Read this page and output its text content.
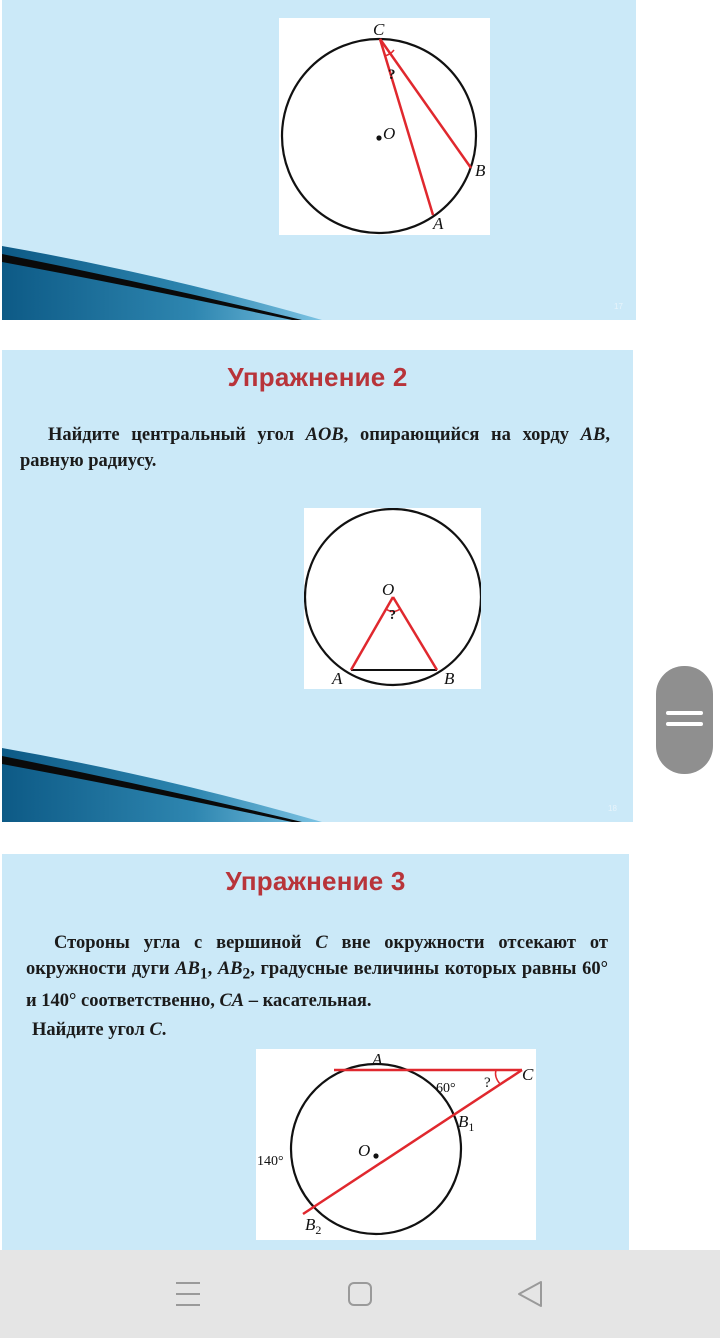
C
?
O
B
A
17
Упражнение 2

Найдите центральный угол AOB, опирающийся на хорду AB, равную радиусу.

O
?
A	B
18
Упражнение 3

Стороны угла с вершиной C вне окружности отсекают от окружности дуги $AB_1$, $AB_2$, градусные величины которых равны 60° и 140° соответственно, CA – касательная.

Найдите угол C.

A
C
60° ?
$B_1$
O
140°
$B_2$
